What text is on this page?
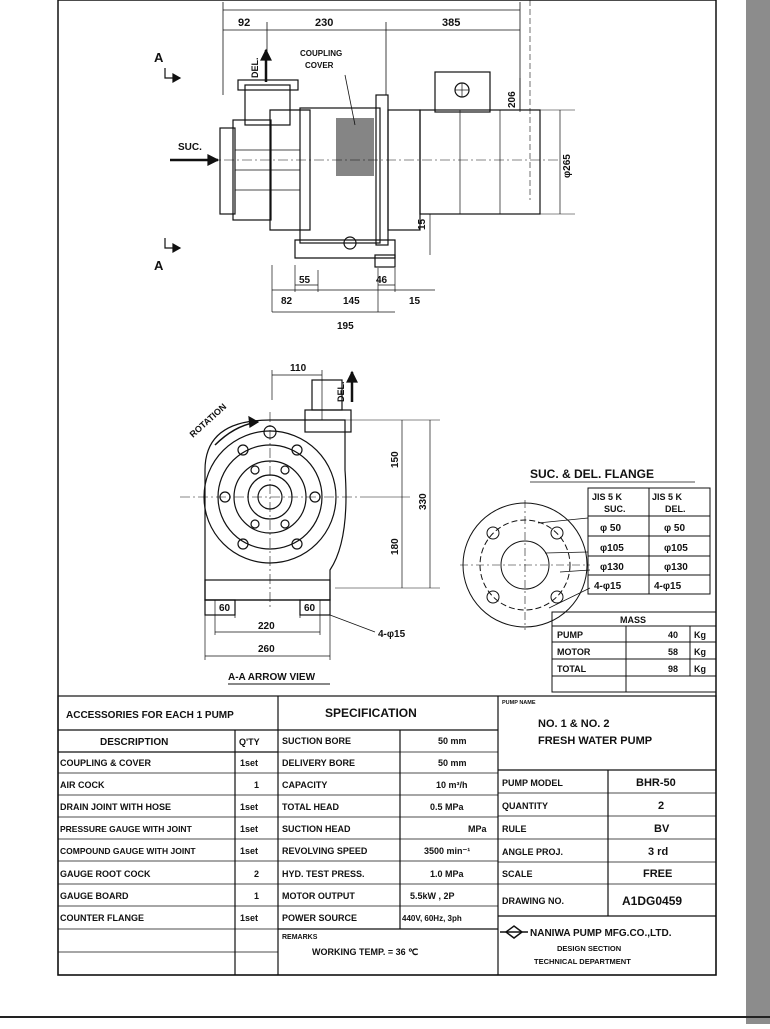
92	230	385
COUPLING
COVER
DEL.
SUC.
A
A
206
φ265
15
55	46
82	145	15
195
110
DEL.
ROTATION
150
330
180
60	60
220
260
4-φ15
A-A ARROW VIEW
SUC. & DEL. FLANGE
JIS 5 K
SUC.
JIS 5 K
DEL.
φ 50	φ 50
φ105	φ105
φ130	φ130
4-φ15	4-φ15
MASS
PUMP	40 Kg
MOTOR	58 Kg
TOTAL	98 Kg
ACCESSORIES FOR EACH 1 PUMP
DESCRIPTION	Q'TY
COUPLING & COVER	1set
AIR COCK	1
DRAIN JOINT WITH HOSE	1set
PRESSURE GAUGE WITH JOINT	1set
COMPOUND GAUGE WITH JOINT	1set
GAUGE ROOT COCK	2
GAUGE BOARD	1
COUNTER FLANGE	1set
SPECIFICATION
SUCTION BORE	50 mm
DELIVERY BORE	50 mm
CAPACITY	10 m³/h
TOTAL HEAD	0.5 MPa
SUCTION HEAD	MPa
REVOLVING SPEED	3500 min⁻¹
HYD. TEST PRESS.	1.0 MPa
MOTOR OUTPUT	5.5kW , 2P
POWER SOURCE	440V, 60Hz, 3ph
REMARKS
WORKING TEMP. = 36 ℃
PUMP NAME
NO. 1 & NO. 2
FRESH WATER PUMP
PUMP MODEL	BHR-50
QUANTITY	2
RULE	BV
ANGLE PROJ.	3 rd
SCALE	FREE
DRAWING NO.	A1DG0459
NANIWA PUMP MFG.CO.,LTD.
DESIGN SECTION
TECHNICAL DEPARTMENT
